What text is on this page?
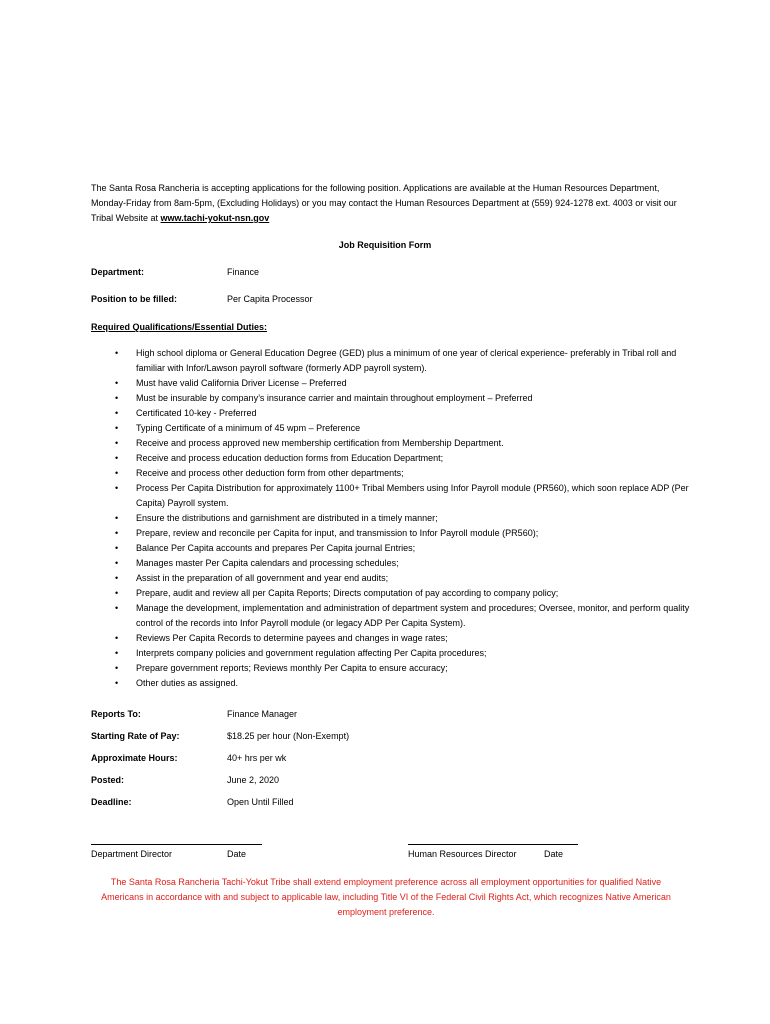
The Santa Rosa Rancheria is accepting applications for the following position. Applications are available at the Human Resources Department, Monday-Friday from 8am-5pm, (Excluding Holidays) or you may contact the Human Resources Department at (559) 924-1278 ext. 4003 or visit our Tribal Website at www.tachi-yokut-nsn.gov
Job Requisition Form
Department:	Finance
Position to be filled:	Per Capita Processor
Required Qualifications/Essential Duties:
• High school diploma or General Education Degree (GED) plus a minimum of one year of clerical experience- preferably in Tribal roll and familiar with Infor/Lawson payroll software (formerly ADP payroll system).
• Must have valid California Driver License – Preferred
• Must be insurable by company’s insurance carrier and maintain throughout employment – Preferred
• Certificated 10-key - Preferred
• Typing Certificate of a minimum of 45 wpm – Preference
• Receive and process approved new membership certification from Membership Department.
• Receive and process education deduction forms from Education Department;
• Receive and process other deduction form from other departments;
• Process Per Capita Distribution for approximately 1100+ Tribal Members using Infor Payroll module (PR560), which soon replace ADP (Per Capita) Payroll system.
• Ensure the distributions and garnishment are distributed in a timely manner;
• Prepare, review and reconcile per Capita for input, and transmission to Infor Payroll module (PR560);
• Balance Per Capita accounts and prepares Per Capita journal Entries;
• Manages master Per Capita calendars and processing schedules;
• Assist in the preparation of all government and year end audits;
• Prepare, audit and review all per Capita Reports; Directs computation of pay according to company policy;
• Manage the development, implementation and administration of department system and procedures; Oversee, monitor, and perform quality control of the records into Infor Payroll module (or legacy ADP Per Capita System).
• Reviews Per Capita Records to determine payees and changes in wage rates;
• Interprets company policies and government regulation affecting Per Capita procedures;
• Prepare government reports; Reviews monthly Per Capita to ensure accuracy;
• Other duties as assigned.
Reports To:	Finance Manager
Starting Rate of Pay:	$18.25 per hour (Non-Exempt)
Approximate Hours:	40+ hrs per wk
Posted:	June 2, 2020
Deadline:	Open Until Filled
Department Director	Date	Human Resources Director	Date
The Santa Rosa Rancheria Tachi-Yokut Tribe shall extend employment preference across all employment opportunities for qualified Native Americans in accordance with and subject to applicable law, including Title VI of the Federal Civil Rights Act, which recognizes Native American employment preference.
